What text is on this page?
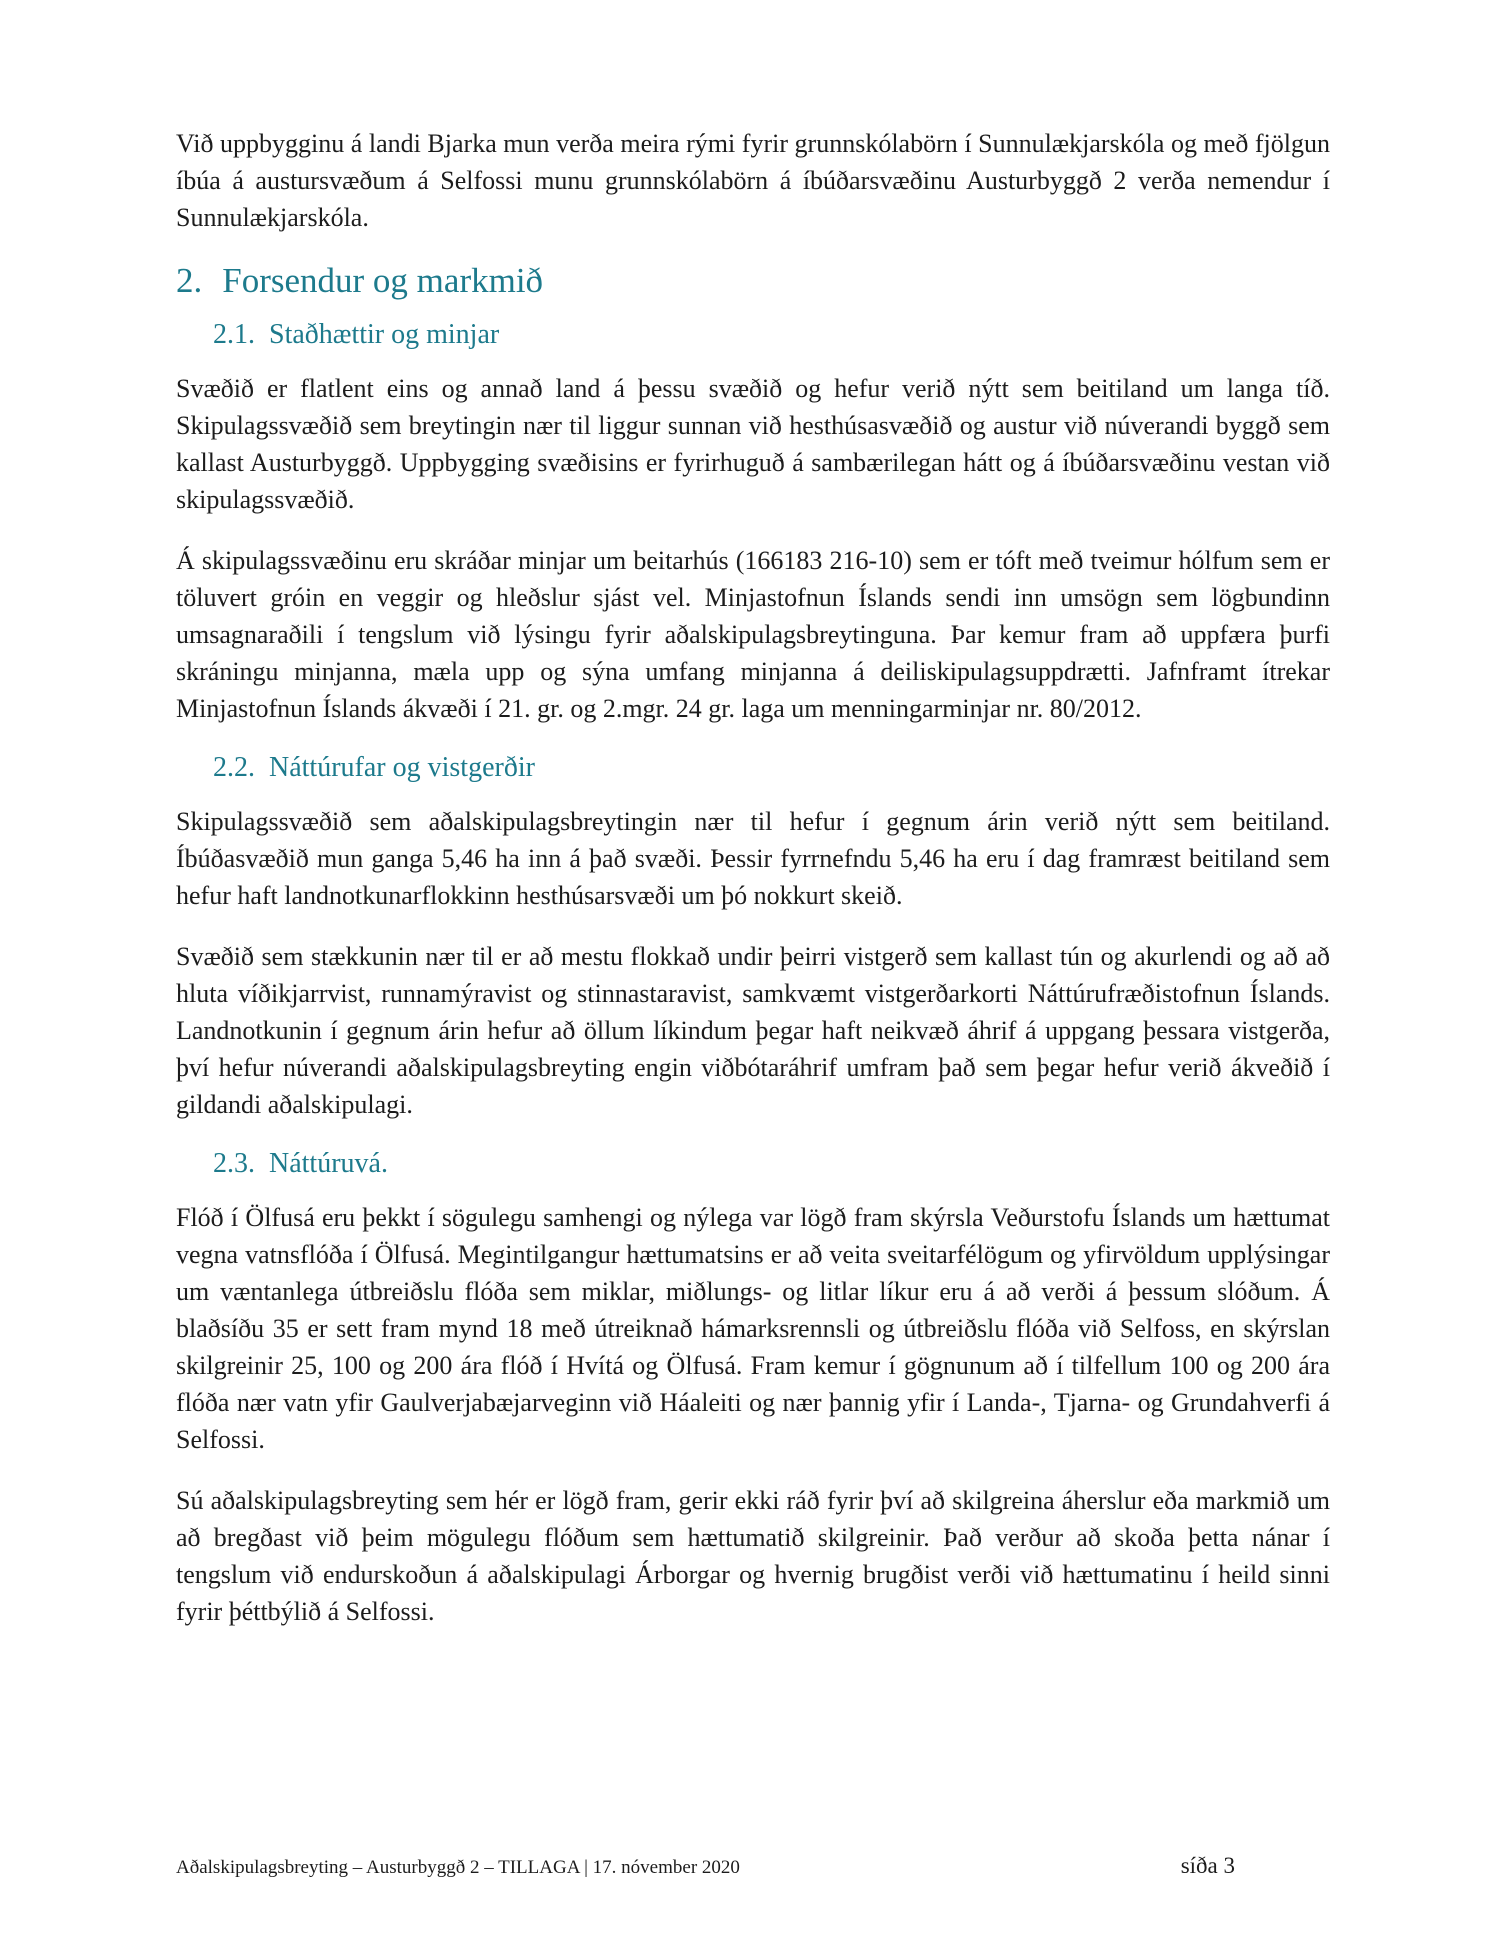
Við uppbygginu á landi Bjarka mun verða meira rými fyrir grunnskólabörn í Sunnulækjarskóla og með fjölgun íbúa á austursvæðum á Selfossi munu grunnskólabörn á íbúðarsvæðinu Austurbyggð 2 verða nemendur í Sunnulækjarskóla.

2. Forsendur og markmið
2.1. Staðhættir og minjar

Svæðið er flatlent eins og annað land á þessu svæðið og hefur verið nýtt sem beitiland um langa tíð. Skipulagssvæðið sem breytingin nær til liggur sunnan við hesthúsasvæðið og austur við núverandi byggð sem kallast Austurbyggð. Uppbygging svæðisins er fyrirhuguð á sambærilegan hátt og á íbúðarsvæðinu vestan við skipulagssvæðið.

Á skipulagssvæðinu eru skráðar minjar um beitarhús (166183 216-10) sem er tóft með tveimur hólfum sem er töluvert gróin en veggir og hleðslur sjást vel. Minjastofnun Íslands sendi inn umsögn sem lögbundinn umsagnaraðili í tengslum við lýsingu fyrir aðalskipulagsbreytinguna. Þar kemur fram að uppfæra þurfi skráningu minjanna, mæla upp og sýna umfang minjanna á deiliskipulagsuppdrætti. Jafnframt ítrekar Minjastofnun Íslands ákvæði í 21. gr. og 2.mgr. 24 gr. laga um menningarminjar nr. 80/2012.

2.2. Náttúrufar og vistgerðir

Skipulagssvæðið sem aðalskipulagsbreytingin nær til hefur í gegnum árin verið nýtt sem beitiland. Íbúðasvæðið mun ganga 5,46 ha inn á það svæði. Þessir fyrrnefndu 5,46 ha eru í dag framræst beitiland sem hefur haft landnotkunarflokkinn hesthúsarsvæði um þó nokkurt skeið.

Svæðið sem stækkunin nær til er að mestu flokkað undir þeirri vistgerð sem kallast tún og akurlendi og að að hluta víðikjarrvist, runnamýravist og stinnastaravist, samkvæmt vistgerðarkorti Náttúrufræðistofnun Íslands. Landnotkunin í gegnum árin hefur að öllum líkindum þegar haft neikvæð áhrif á uppgang þessara vistgerða, því hefur núverandi aðalskipulagsbreyting engin viðbótaráhrif umfram það sem þegar hefur verið ákveðið í gildandi aðalskipulagi.

2.3. Náttúruvá.

Flóð í Ölfusá eru þekkt í sögulegu samhengi og nýlega var lögð fram skýrsla Veðurstofu Íslands um hættumat vegna vatnsflóða í Ölfusá. Megintilgangur hættumatsins er að veita sveitarfélögum og yfirvöldum upplýsingar um væntanlega útbreiðslu flóða sem miklar, miðlungs- og litlar líkur eru á að verði á þessum slóðum. Á blaðsíðu 35 er sett fram mynd 18 með útreiknað hámarksrennsli og útbreiðslu flóða við Selfoss, en skýrslan skilgreinir 25, 100 og 200 ára flóð í Hvítá og Ölfusá. Fram kemur í gögnunum að í tilfellum 100 og 200 ára flóða nær vatn yfir Gaulverjabæjarveginn við Háaleiti og nær þannig yfir í Landa-, Tjarna- og Grundahverfi á Selfossi.

Sú aðalskipulagsbreyting sem hér er lögð fram, gerir ekki ráð fyrir því að skilgreina áherslur eða markmið um að bregðast við þeim mögulegu flóðum sem hættumatið skilgreinir. Það verður að skoða þetta nánar í tengslum við endurskoðun á aðalskipulagi Árborgar og hvernig brugðist verði við hættumatinu í heild sinni fyrir þéttbýlið á Selfossi.

Aðalskipulagsbreyting – Austurbyggð 2 – TILLAGA | 17. nóvember 2020	síða 3
